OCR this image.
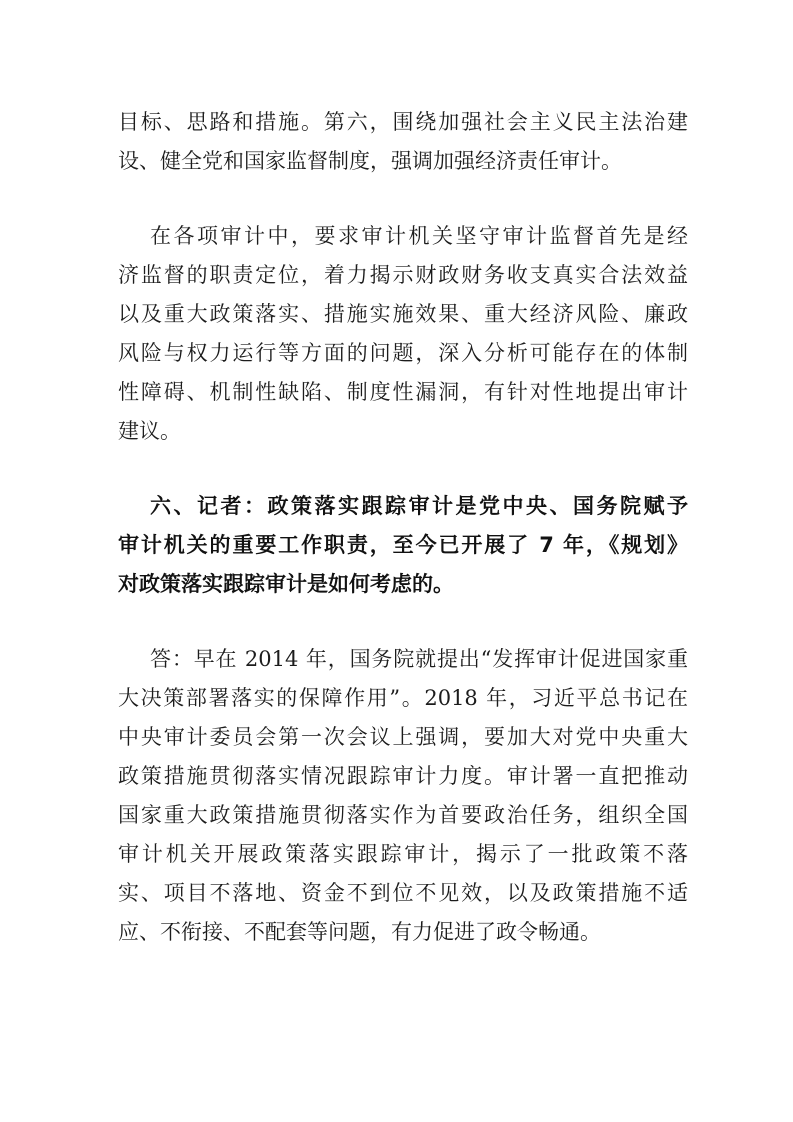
目标、思路和措施。第六，围绕加强社会主义民主法治建
设、健全党和国家监督制度，强调加强经济责任审计。
在各项审计中，要求审计机关坚守审计监督首先是经
济监督的职责定位，着力揭示财政财务收支真实合法效益
以及重大政策落实、措施实施效果、重大经济风险、廉政
风险与权力运行等方面的问题，深入分析可能存在的体制
性障碍、机制性缺陷、制度性漏洞，有针对性地提出审计
建议。
六、记者：政策落实跟踪审计是党中央、国务院赋予
审计机关的重要工作职责，至今已开展了 7 年，《规划》
对政策落实跟踪审计是如何考虑的。
答：早在 2014 年，国务院就提出“发挥审计促进国家重
大决策部署落实的保障作用”。2018 年，习近平总书记在
中央审计委员会第一次会议上强调，要加大对党中央重大
政策措施贯彻落实情况跟踪审计力度。审计署一直把推动
国家重大政策措施贯彻落实作为首要政治任务，组织全国
审计机关开展政策落实跟踪审计，揭示了一批政策不落
实、项目不落地、资金不到位不见效，以及政策措施不适
应、不衔接、不配套等问题，有力促进了政令畅通。
